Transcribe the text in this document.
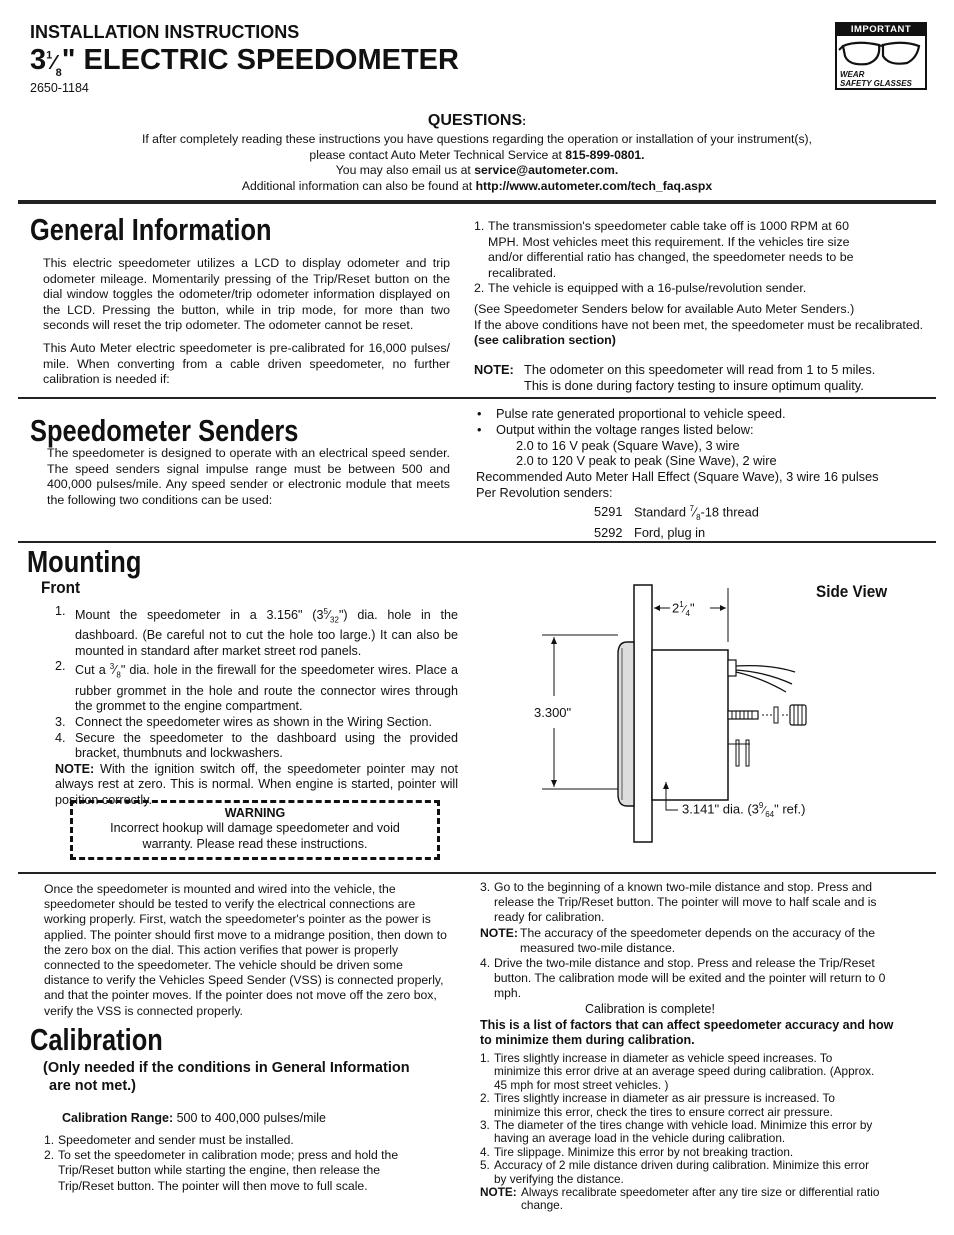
INSTALLATION INSTRUCTIONS
$3^1⁄_8$" ELECTRIC SPEEDOMETER
2650-1184
IMPORTANT
WEAR
SAFETY GLASSES
QUESTIONS:
If after completely reading these instructions you have questions regarding the operation or installation of your instrument(s),
please contact Auto Meter Technical Service at 815-899-0801.
You may also email us at service@autometer.com.
Additional information can also be found at http://www.autometer.com/tech_faq.aspx
General Information
This electric speedometer utilizes a LCD to display odometer and trip odometer mileage. Momentarily pressing of the Trip/Reset button on the dial window toggles the odometer/trip odometer information displayed on the LCD. Pressing the button, while in trip mode, for more than two seconds will reset the trip odometer. The odometer cannot be reset.
This Auto Meter electric speedometer is pre-calibrated for 16,000 pulses/ mile. When converting from a cable driven speedometer, no further calibration is needed if:
1. The transmission's speedometer cable take off is 1000 RPM at 60 MPH. Most vehicles meet this requirement. If the vehicles tire size and/or differential ratio has changed, the speedometer needs to be recalibrated.
2. The vehicle is equipped with a 16-pulse/revolution sender.
(See Speedometer Senders below for available Auto Meter Senders.)
If the above conditions have not been met, the speedometer must be recalibrated.
(see calibration section)
NOTE: The odometer on this speedometer will read from 1 to 5 miles.
This is done during factory testing to insure optimum quality.
Speedometer Senders
The speedometer is designed to operate with an electrical speed sender. The speed senders signal impulse range must be between 500 and 400,000 pulses/mile. Any speed sender or electronic module that meets the following two conditions can be used:
• Pulse rate generated proportional to vehicle speed.
• Output within the voltage ranges listed below:
2.0 to 16 V peak (Square Wave), 3 wire
2.0 to 120 V peak to peak (Sine Wave), 2 wire
Recommended Auto Meter Hall Effect (Square Wave), 3 wire 16 pulses
Per Revolution senders:
5291 Standard $^7⁄_8-18$ thread
5292 Ford, plug in
Mounting
Front
1. Mount the speedometer in a 3.156" $(3^5⁄_{32}")$ dia. hole in the dashboard. (Be careful not to cut the hole too large.) It can also be mounted in standard after market street rod panels.
2. Cut a $^3⁄_8$" dia. hole in the firewall for the speedometer wires. Place a rubber grommet in the hole and route the connector wires through the grommet to the engine compartment.
3. Connect the speedometer wires as shown in the Wiring Section.
4. Secure the speedometer to the dashboard using the provided bracket, thumbnuts and lockwashers.
NOTE: With the ignition switch off, the speedometer pointer may not always rest at zero. This is normal. When engine is started, pointer will position correctly.
WARNING
Incorrect hookup will damage speedometer and void
warranty. Please read these instructions.
Side View
$2^1⁄_4$"
3.300"
3.141" dia. ($3^9⁄_{64}$" ref.)
Once the speedometer is mounted and wired into the vehicle, the speedometer should be tested to verify the electrical connections are working properly. First, watch the speedometer's pointer as the power is applied. The pointer should first move to a midrange position, then down to the zero box on the dial. This action verifies that power is properly connected to the speedometer. The vehicle should be driven some distance to verify the Vehicles Speed Sender (VSS) is connected properly, and that the pointer moves. If the pointer does not move off the zero box, verify the VSS is connected properly.
Calibration
(Only needed if the conditions in General Information
are not met.)
Calibration Range: 500 to 400,000 pulses/mile
1. Speedometer and sender must be installed.
2. To set the speedometer in calibration mode; press and hold the Trip/Reset button while starting the engine, then release the Trip/Reset button. The pointer will then move to full scale.
3. Go to the beginning of a known two-mile distance and stop. Press and release the Trip/Reset button. The pointer will move to half scale and is ready for calibration.
NOTE: The accuracy of the speedometer depends on the accuracy of the measured two-mile distance.
4. Drive the two-mile distance and stop. Press and release the Trip/Reset button. The calibration mode will be exited and the pointer will return to 0 mph.
Calibration is complete!
This is a list of factors that can affect speedometer accuracy and how to minimize them during calibration.
1. Tires slightly increase in diameter as vehicle speed increases. To minimize this error drive at an average speed during calibration. (Approx. 45 mph for most street vehicles. )
2. Tires slightly increase in diameter as air pressure is increased. To minimize this error, check the tires to ensure correct air pressure.
3. The diameter of the tires change with vehicle load. Minimize this error by having an average load in the vehicle during calibration.
4. Tire slippage. Minimize this error by not breaking traction.
5. Accuracy of 2 mile distance driven during calibration. Minimize this error by verifying the distance.
NOTE: Always recalibrate speedometer after any tire size or differential ratio change.
